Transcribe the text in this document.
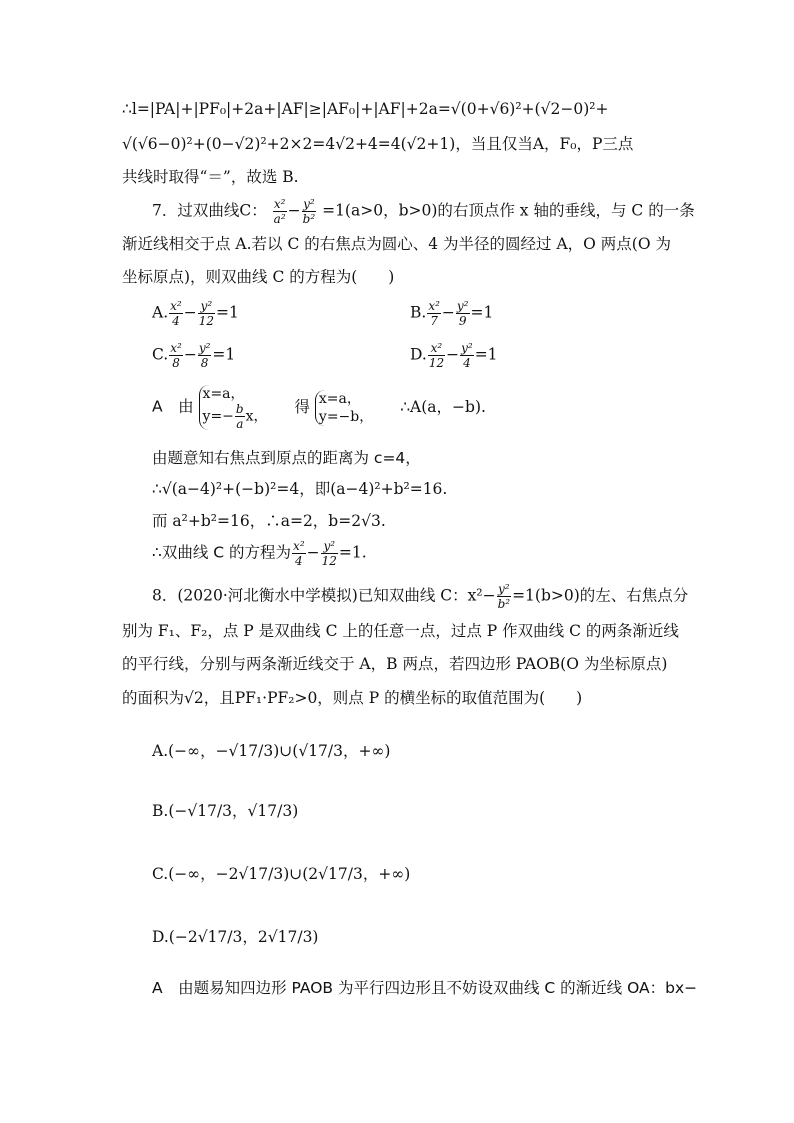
∴l=|PA|+|PF₀|+2a+|AF|≥|AF₀|+|AF|+2a=√(0+√6)²+(√2−0)²+
√(√6−0)²+(0−√2)²+2×2=4√2+4=4(√2+1)，当且仅当A，F₀，P三点
共线时取得“＝”，故选 B.
7．过双曲线C： $\frac{\text{x²}}{\text{a²}} - \frac{\text{y²}}{\text{b²}} =1(a>0$，b>0)的右顶点作 x 轴的垂线，与 C 的一条
渐近线相交于点 A.若以 C 的右焦点为圆心、4 为半径的圆经过 A，O 两点(O 为
坐标原点)，则双曲线 C 的方程为(　　)
A. $\frac{\text{x²}}{4} - \frac{\text{y²}}{12} =1$	B. $\frac{\text{x²}}{7} - \frac{\text{y²}}{9} =1$
C. $\frac{\text{x²}}{8} - \frac{\text{y²}}{8} =1$	D. $\frac{\text{x²}}{12} - \frac{\text{y²}}{4} =1$
A　由
x=a，
$y=- \frac{b}{a}$ x，
得 x=a，
y=−b，
∴A(a，−b).
由题意知右焦点到原点的距离为 c=4，
∴√(a−4)²+(−b)²=4，即(a−4)²+b²=16.
而 a²+b²=16，∴a=2，b=2√3.
∴双曲线 C 的方程为 $\frac{\text{x²}}{4} - \frac{\text{y²}}{12} =1$.
8．(2020·河北衡水中学模拟)已知双曲线 C：$x^2- \frac{\text{y²}}{\text{b²}} =1(b>0)$的左、右焦点分
别为 F₁、F₂，点 P 是双曲线 C 上的任意一点，过点 P 作双曲线 C 的两条渐近线
的平行线，分别与两条渐近线交于 A，B 两点，若四边形 PAOB(O 为坐标原点)
的面积为√2，且PF₁·PF₂>0，则点 P 的横坐标的取值范围为(　　)
A.(−∞，−√17/3)∪(√17/3，+∞)
B.(−√17/3，√17/3)
C.(−∞，−2√17/3)∪(2√17/3，+∞)
D.(−2√17/3，2√17/3)
A　由题易知四边形 PAOB 为平行四边形且不妨设双曲线 C 的渐近线 OA：bx−
